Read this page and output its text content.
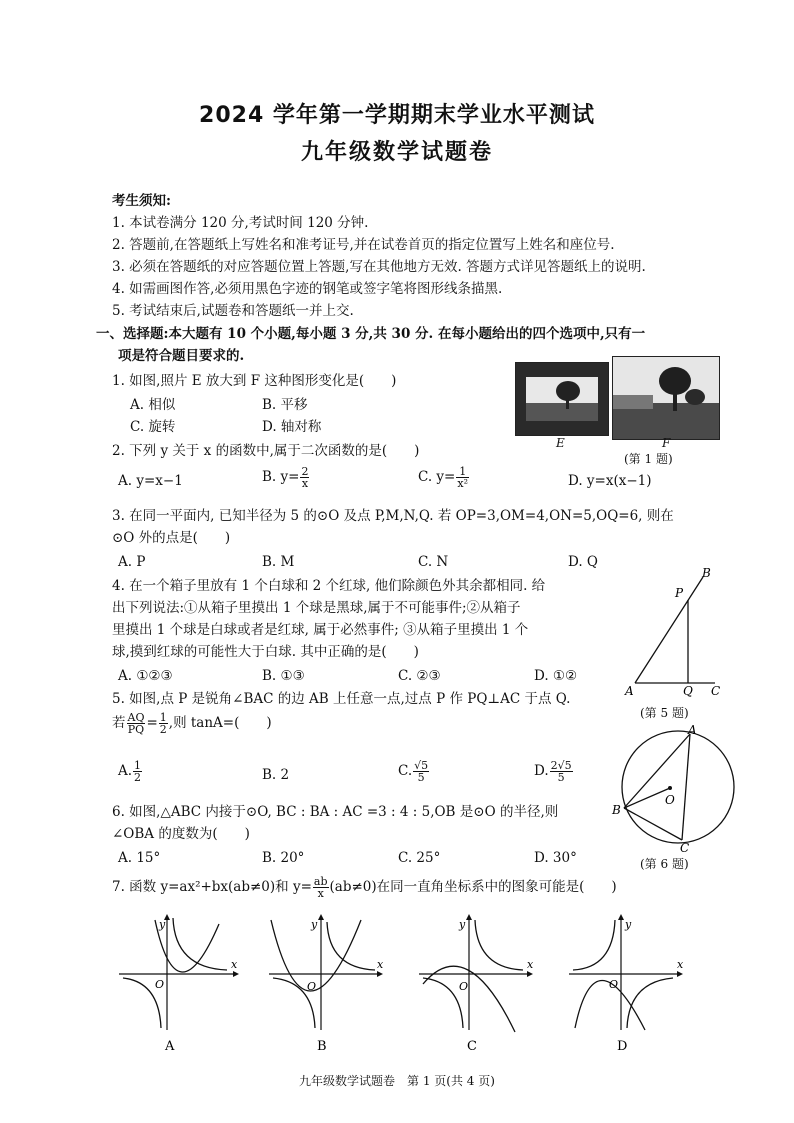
2024 学年第一学期期末学业水平测试
九年级数学试题卷
考生须知:
1. 本试卷满分 120 分,考试时间 120 分钟.
2. 答题前,在答题纸上写姓名和准考证号,并在试卷首页的指定位置写上姓名和座位号.
3. 必须在答题纸的对应答题位置上答题,写在其他地方无效. 答题方式详见答题纸上的说明.
4. 如需画图作答,必须用黑色字迹的钢笔或签字笔将图形线条描黑.
5. 考试结束后,试题卷和答题纸一并上交.
一、选择题:本大题有 10 个小题,每小题 3 分,共 30 分. 在每小题给出的四个选项中,只有一
项是符合题目要求的.
1. 如图,照片 E 放大到 F 这种图形变化是(　　)
A. 相似	B. 平移
C. 旋转	D. 轴对称
E	F
(第 1 题)
2. 下列 y 关于 x 的函数中,属于二次函数的是(　　)
A. y=x−1	B. $y= \frac{2}{x}$	C. $y= \frac{1}{\text{x²}}$	D. y=x(x−1)
3. 在同一平面内, 已知半径为 5 的⊙O 及点 P,M,N,Q. 若 OP=3,OM=4,ON=5,OQ=6, 则在
⊙O 外的点是(　　)
A. P	B. M	C. N	D. Q
4. 在一个箱子里放有 1 个白球和 2 个红球, 他们除颜色外其余都相同. 给
出下列说法:①从箱子里摸出 1 个球是黑球,属于不可能事件;②从箱子
里摸出 1 个球是白球或者是红球, 属于必然事件; ③从箱子里摸出 1 个
球,摸到红球的可能性大于白球. 其中正确的是(　　)
A. ①②③	B. ①③	C. ②③	D. ①②
A	Q C
P
B
(第 5 题)
5. 如图,点 P 是锐角∠BAC 的边 AB 上任意一点,过点 P 作 PQ⊥AC 于点 Q.
若 $\frac{AQ}{PQ} = \frac{1}{2}$ ,则 tanA=(　　)
A. $\frac{1}{2}$	B. 2	C. $\frac{√5}{5}$	D. $\frac{2√5}{5}$
A
B
C
O
(第 6 题)
6. 如图,△ABC 内接于⊙O, BC : BA : AC =3 : 4 : 5,OB 是⊙O 的半径,则
∠OBA 的度数为(　　)
A. 15°	B. 20°	C. 25°	D. 30°
7. 函数 y=ax²+bx(ab≠0)和 $y= \frac{ab}{x} (ab\ne 0)$在同一直角坐标系中的图象可能是(　　)
y
x
O
A
y
x
O
B
y
x
O
C
y
x
O
D
九年级数学试题卷　第 1 页(共 4 页)
